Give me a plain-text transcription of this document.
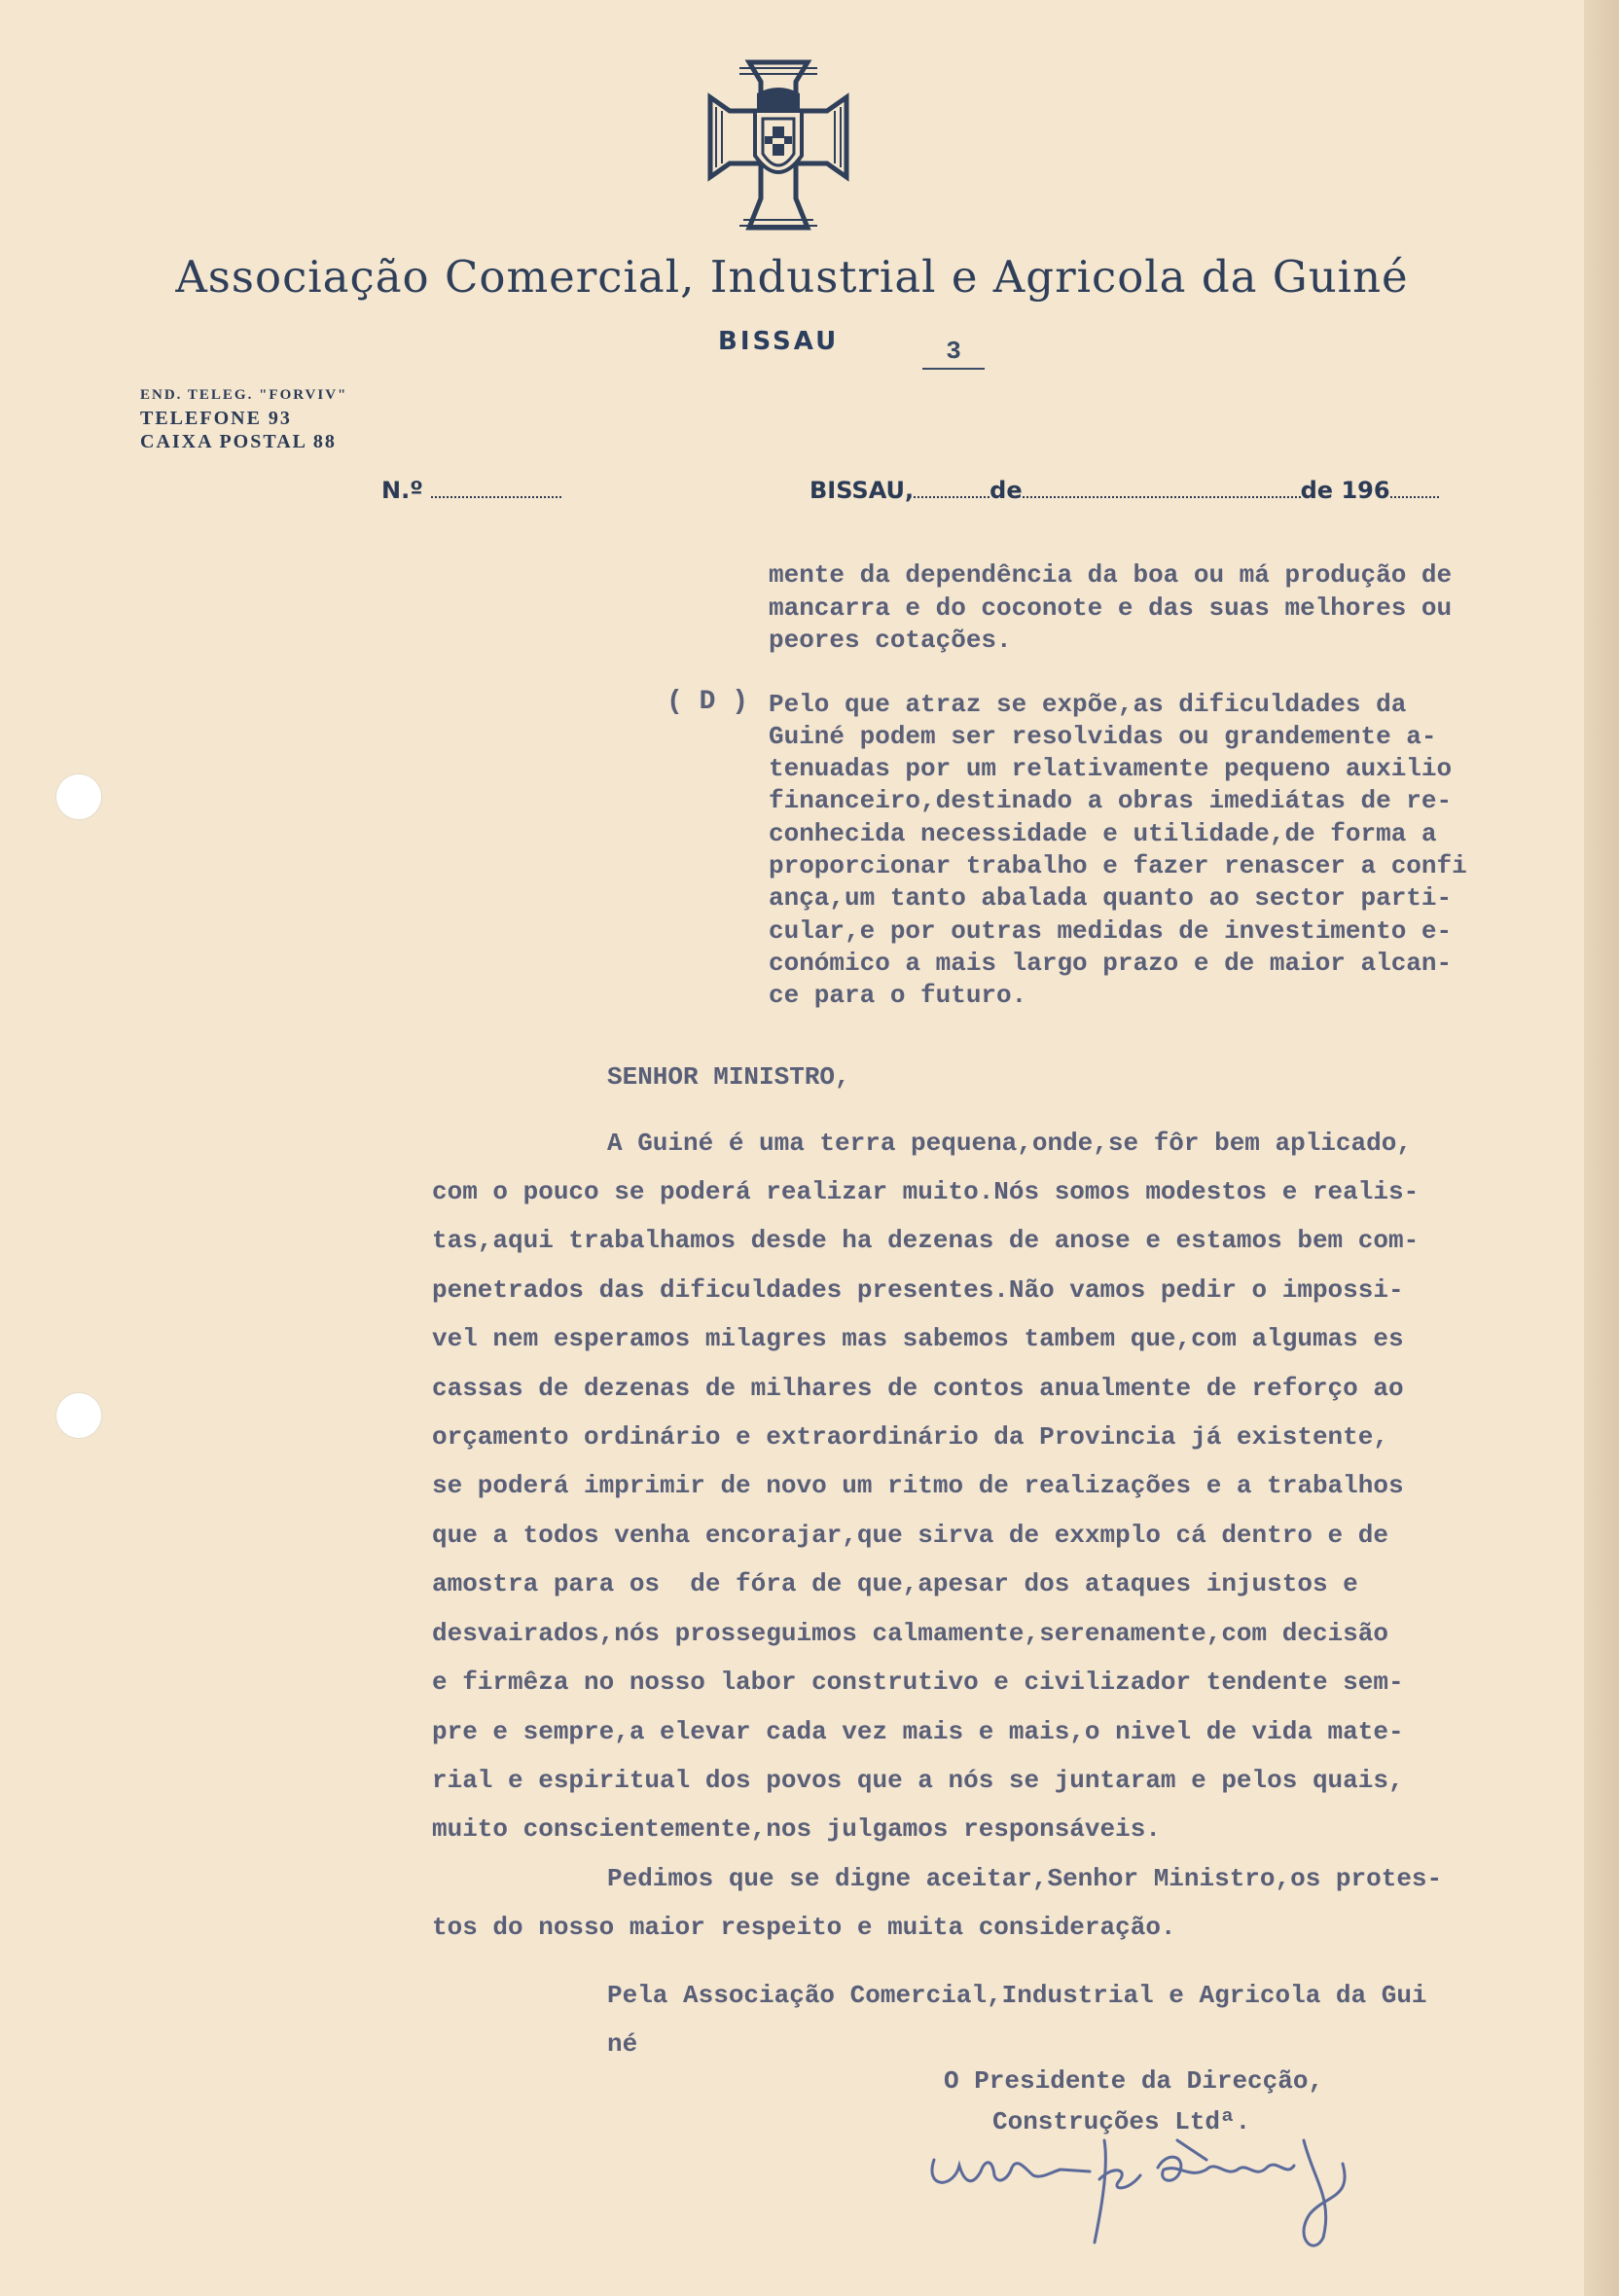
Associação Comercial, Industrial e Agricola da Guiné
BISSAU	3
END. TELEG. "FORVIV"
TELEFONE 93
CAIXA POSTAL 88
N.º	BISSAU,	de	de 196

mente da dependência da boa ou má produção de

mancarra e do coconote e das suas melhores ou

peores cotações.

( D )

Pelo que atraz se expõe,as dificuldades da

Guiné podem ser resolvidas ou grandemente a-

tenuadas por um relativamente pequeno auxilio

financeiro,destinado a obras imediátas de re-

conhecida necessidade e utilidade,de forma a

proporcionar trabalho e fazer renascer a confi

ança,um tanto abalada quanto ao sector parti-

cular,e por outras medidas de investimento e-

conómico a mais largo prazo e de maior alcan-

ce para o futuro.

SENHOR MINISTRO,

A Guiné é uma terra pequena,onde,se fôr bem aplicado,

com o pouco se poderá realizar muito.Nós somos modestos e realis-

tas,aqui trabalhamos desde ha dezenas de anose e estamos bem com-

penetrados das dificuldades presentes.Não vamos pedir o impossi-

vel nem esperamos milagres mas sabemos tambem que,com algumas es

cassas de dezenas de milhares de contos anualmente de reforço ao

orçamento ordinário e extraordinário da Provincia já existente,

se poderá imprimir de novo um ritmo de realizações e a trabalhos

que a todos venha encorajar,que sirva de exxmplo cá dentro e de

amostra para os  de fóra de que,apesar dos ataques injustos e

desvairados,nós prosseguimos calmamente,serenamente,com decisão

e firmêza no nosso labor construtivo e civilizador tendente sem-

pre e sempre,a elevar cada vez mais e mais,o nivel de vida mate-

rial e espiritual dos povos que a nós se juntaram e pelos quais,

muito conscientemente,nos julgamos responsáveis.

Pedimos que se digne aceitar,Senhor Ministro,os protes-

tos do nosso maior respeito e muita consideração.

Pela Associação Comercial,Industrial e Agricola da Gui

né

O Presidente da Direcção,

Construções Ltdª.
